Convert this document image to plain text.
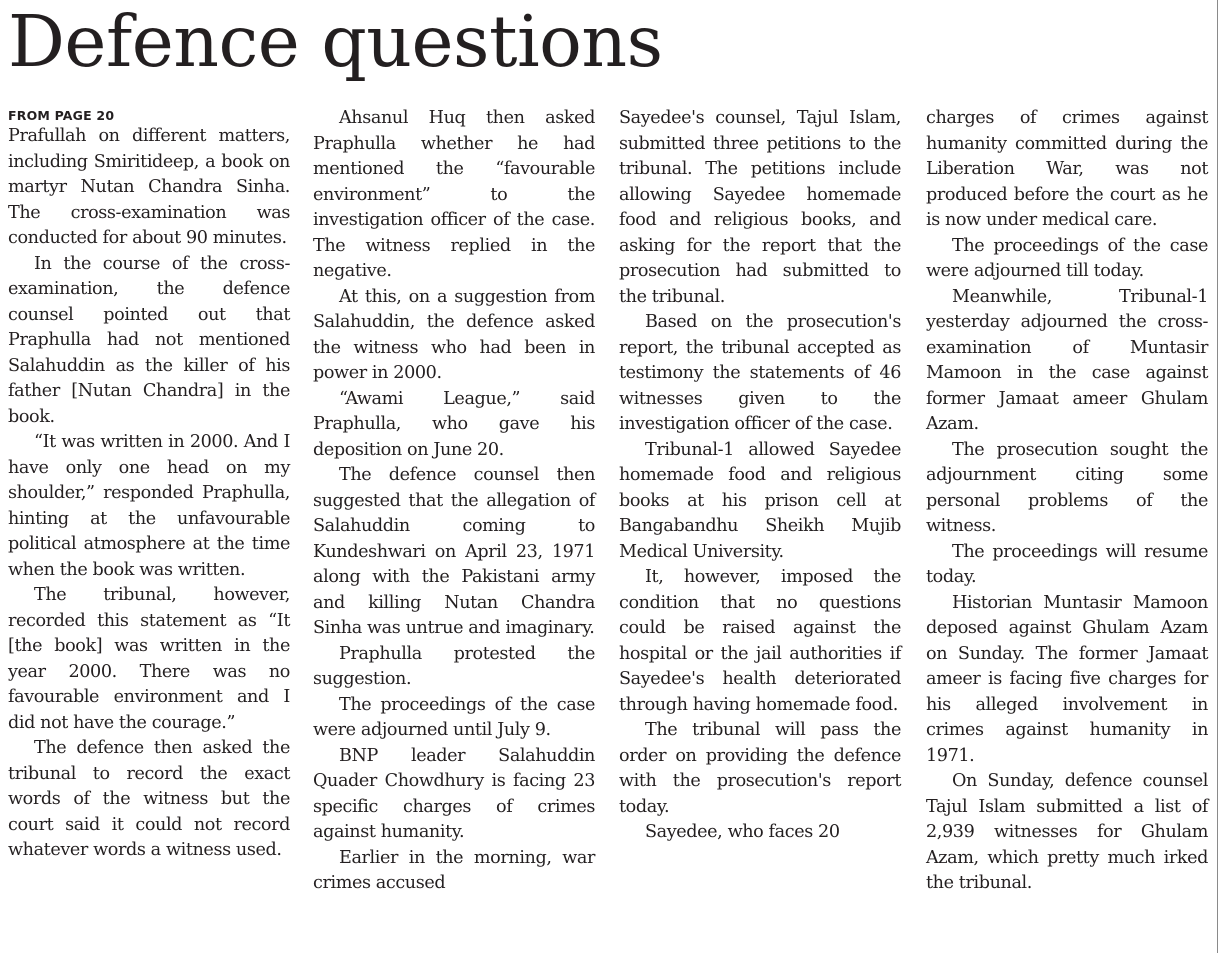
Defence questions
FROM PAGE 20

Prafullah on different matters, including Smiritideep, a book on martyr Nutan Chandra Sinha. The cross-examination was conducted for about 90 minutes.

In the course of the cross-examination, the defence counsel pointed out that Praphulla had not mentioned Salahuddin as the killer of his father [Nutan Chandra] in the book.

“It was written in 2000. And I have only one head on my shoulder,” responded Praphulla, hinting at the unfavourable political atmosphere at the time when the book was written.

The tribunal, however, recorded this statement as “It [the book] was written in the year 2000. There was no favourable environment and I did not have the courage.”

The defence then asked the tribunal to record the exact words of the witness but the court said it could not record whatever words a witness used.

Ahsanul Huq then asked Praphulla whether he had mentioned the “favourable environment” to the investigation officer of the case. The witness replied in the negative.

At this, on a suggestion from Salahuddin, the defence asked the witness who had been in power in 2000.

“Awami League,” said Praphulla, who gave his deposition on June 20.

The defence counsel then suggested that the allegation of Salahuddin coming to Kundeshwari on April 23, 1971 along with the Pakistani army and killing Nutan Chandra Sinha was untrue and imaginary.

Praphulla protested the suggestion.

The proceedings of the case were adjourned until July 9.

BNP leader Salahuddin Quader Chowdhury is facing 23 specific charges of crimes against humanity.

Earlier in the morning, war crimes accused

Sayedee's counsel, Tajul Islam, submitted three petitions to the tribunal. The petitions include allowing Sayedee homemade food and religious books, and asking for the report that the prosecution had submitted to the tribunal.

Based on the prosecution's report, the tribunal accepted as testimony the statements of 46 witnesses given to the investigation officer of the case.

Tribunal-1 allowed Sayedee homemade food and religious books at his prison cell at Bangabandhu Sheikh Mujib Medical University.

It, however, imposed the condition that no questions could be raised against the hospital or the jail authorities if Sayedee's health deteriorated through having homemade food.

The tribunal will pass the order on providing the defence with the prosecution's report today.

Sayedee, who faces 20

charges of crimes against humanity committed during the Liberation War, was not produced before the court as he is now under medical care.

The proceedings of the case were adjourned till today.

Meanwhile, Tribunal-1 yesterday adjourned the cross-examination of Muntasir Mamoon in the case against former Jamaat ameer Ghulam Azam.

The prosecution sought the adjournment citing some personal problems of the witness.

The proceedings will resume today.

Historian Muntasir Mamoon deposed against Ghulam Azam on Sunday. The former Jamaat ameer is facing five charges for his alleged involvement in crimes against humanity in 1971.

On Sunday, defence counsel Tajul Islam submitted a list of 2,939 witnesses for Ghulam Azam, which pretty much irked the tribunal.
